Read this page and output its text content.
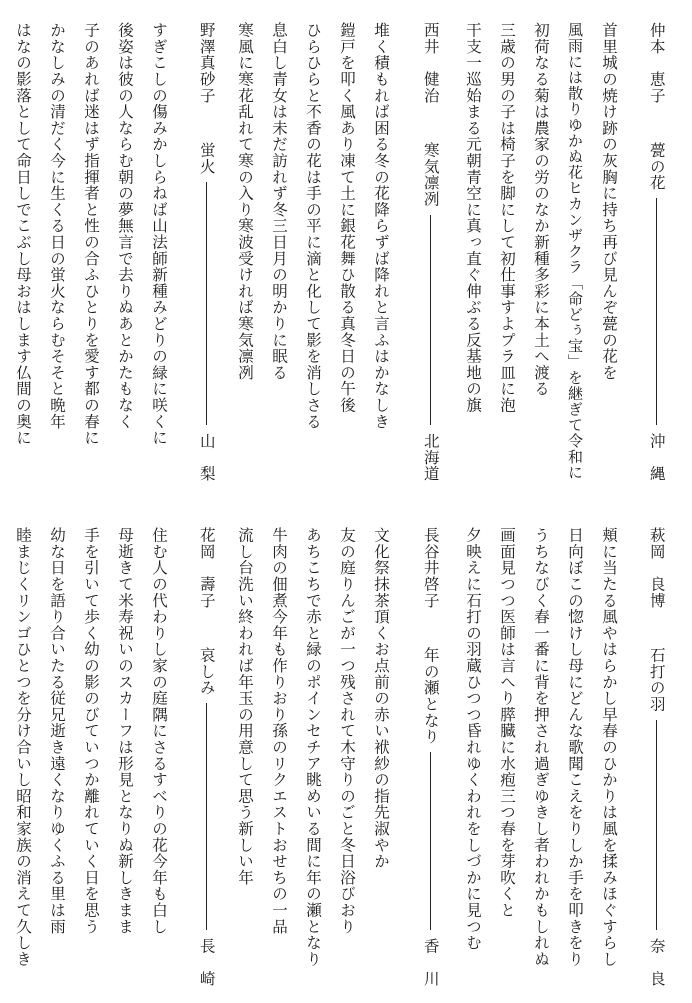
仲本　恵子
甍の花
沖　縄
首里城の焼け跡の灰胸に持ち再び見んぞ甍の花を
風雨には散りゆかぬ花ヒカンザクラ「命どぅ宝」を継ぎて令和に
初荷なる菊は農家の労のなか新種多彩に本土へ渡る
三歳の男の子は椅子を脚にして初仕事すよプラ皿に泡
干支一巡始まる元朝青空に真っ直ぐ伸ぶる反基地の旗
西井　健治
寒気凛冽
北海道
堆く積もれば困る冬の花降らずば降れと言ふはかなしき
鎧戸を叩く風あり凍て土に銀花舞ひ散る真冬日の午後
ひらひらと不香の花は手の平に滴と化して影を消しさる
息白し青女は未だ訪れず冬三日月の明かりに眠る
寒風に寒花乱れて寒の入り寒波受ければ寒気凛冽
野澤真砂子
蛍火
山　梨
すぎこしの傷みかしらねば山法師新種みどりの緑に咲くに
後姿は彼の人ならむ朝の夢無言で去りぬあとかたもなく
子のあれば迷はず指揮者と性の合ふひとりを愛す都の春に
かなしみの清だく今に生くる日の蛍火ならむそそと晩年
はなの影落として命日しでこぶし母おはします仏間の奥に
萩岡　良博
石打の羽
奈　良
頬に当たる風やはらかし早春のひかりは風を揉みほぐすらし
日向ぼこの惚けし母にどんな歌聞こえをりしか手を叩きをり
うちなびく春一番に背を押され過ぎゆきし者われかもしれぬ
画面見つつ医師は言へり膵臓に水疱三つ春を芽吹くと
夕映えに石打の羽蔵ひつつ昏れゆくわれをしづかに見つむ
長谷井啓子
年の瀬となり
香　川
文化祭抹茶頂くお点前の赤い袱紗の指先淑やか
友の庭りんごが一つ残されて木守りのごと冬日浴びおり
あちこちで赤と緑のポインセチア眺めいる間に年の瀬となり
牛肉の佃煮今年も作りおり孫のリクエストおせちの一品
流し台洗い終われば年玉の用意して思う新しい年
花岡　壽子
哀しみ
長　崎
住む人の代わりし家の庭隅にさるすべりの花今年も白し
母逝きて米寿祝いのスカーフは形見となりぬ新しきまま
手を引いて歩く幼の影のびていつか離れていく日を思う
幼な日を語り合いたる従兄逝き遠くなりゆくふる里は雨
睦まじくリンゴひとつを分け合いし昭和家族の消えて久しき
